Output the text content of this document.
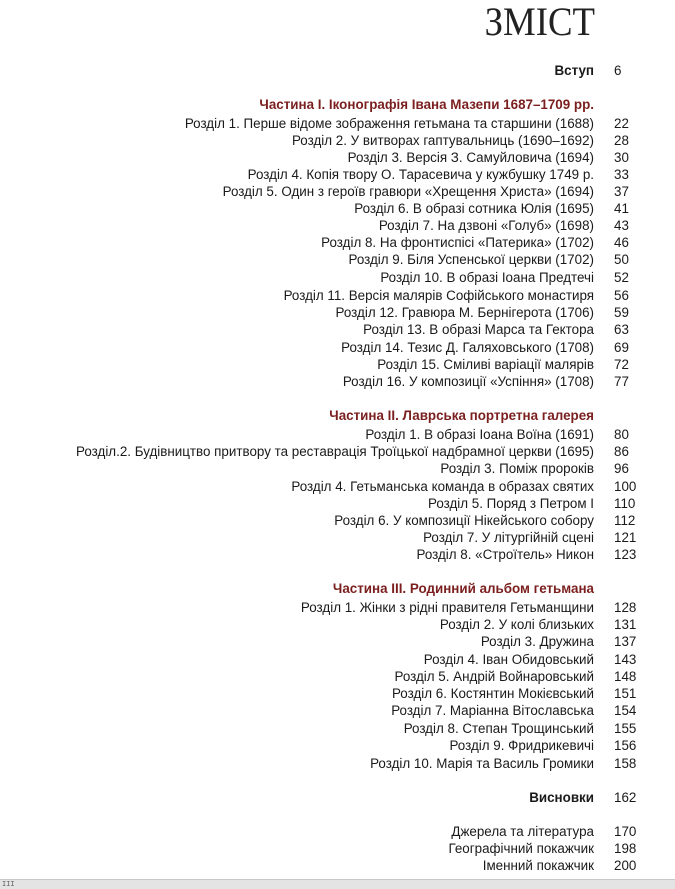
ЗМІСТ
Вступ 6
Частина І. Іконографія Івана Мазепи 1687–1709 рр.
Розділ 1. Перше відоме зображення гетьмана та старшини (1688) 22
Розділ 2. У витворах гаптувальниць (1690–1692) 28
Розділ 3. Версія З. Самуйловича (1694) 30
Розділ 4. Копія твору О. Тарасевича у кужбушку 1749 р. 33
Розділ 5. Один з героїв гравюри «Хрещення Христа» (1694) 37
Розділ 6. В образі сотника Юлія (1695) 41
Розділ 7. На дзвоні «Голуб» (1698) 43
Розділ 8. На фронтиспісі «Патерика» (1702) 46
Розділ 9. Біля Успенської церкви (1702) 50
Розділ 10. В образі Іоана Предтечі 52
Розділ 11. Версія малярів Софійського монастиря 56
Розділ 12. Гравюра М. Бернігерота (1706) 59
Розділ 13. В образі Марса та Гектора 63
Розділ 14. Тезис Д. Галяховського (1708) 69
Розділ 15. Сміливі варіації малярів 72
Розділ 16. У композиції «Успіння» (1708) 77
Частина ІІ. Лаврська портретна галерея
Розділ 1. В образі Іоана Воїна (1691) 80
Розділ.2. Будівництво притвору та реставрація Троїцької надбрамної церкви (1695) 86
Розділ 3. Поміж пророків 96
Розділ 4. Гетьманська команда в образах святих 100
Розділ 5. Поряд з Петром І 110
Розділ 6. У композиції Нікейського собору 112
Розділ 7. У літургійній сцені 121
Розділ 8. «Строїтель» Никон 123
Частина ІІІ. Родинний альбом гетьмана
Розділ 1. Жінки з рідні правителя Гетьманщини 128
Розділ 2. У колі близьких 131
Розділ 3. Дружина 137
Розділ 4. Іван Обидовський 143
Розділ 5. Андрій Войнаровський 148
Розділ 6. Костянтин Мокієвський 151
Розділ 7. Маріанна Вітославська 154
Розділ 8. Степан Трощинський 155
Розділ 9. Фридрикевичі 156
Розділ 10. Марія та Василь Громики 158
Висновки 162
Джерела та література 170
Географічний покажчик 198
Іменний покажчик 200
III
